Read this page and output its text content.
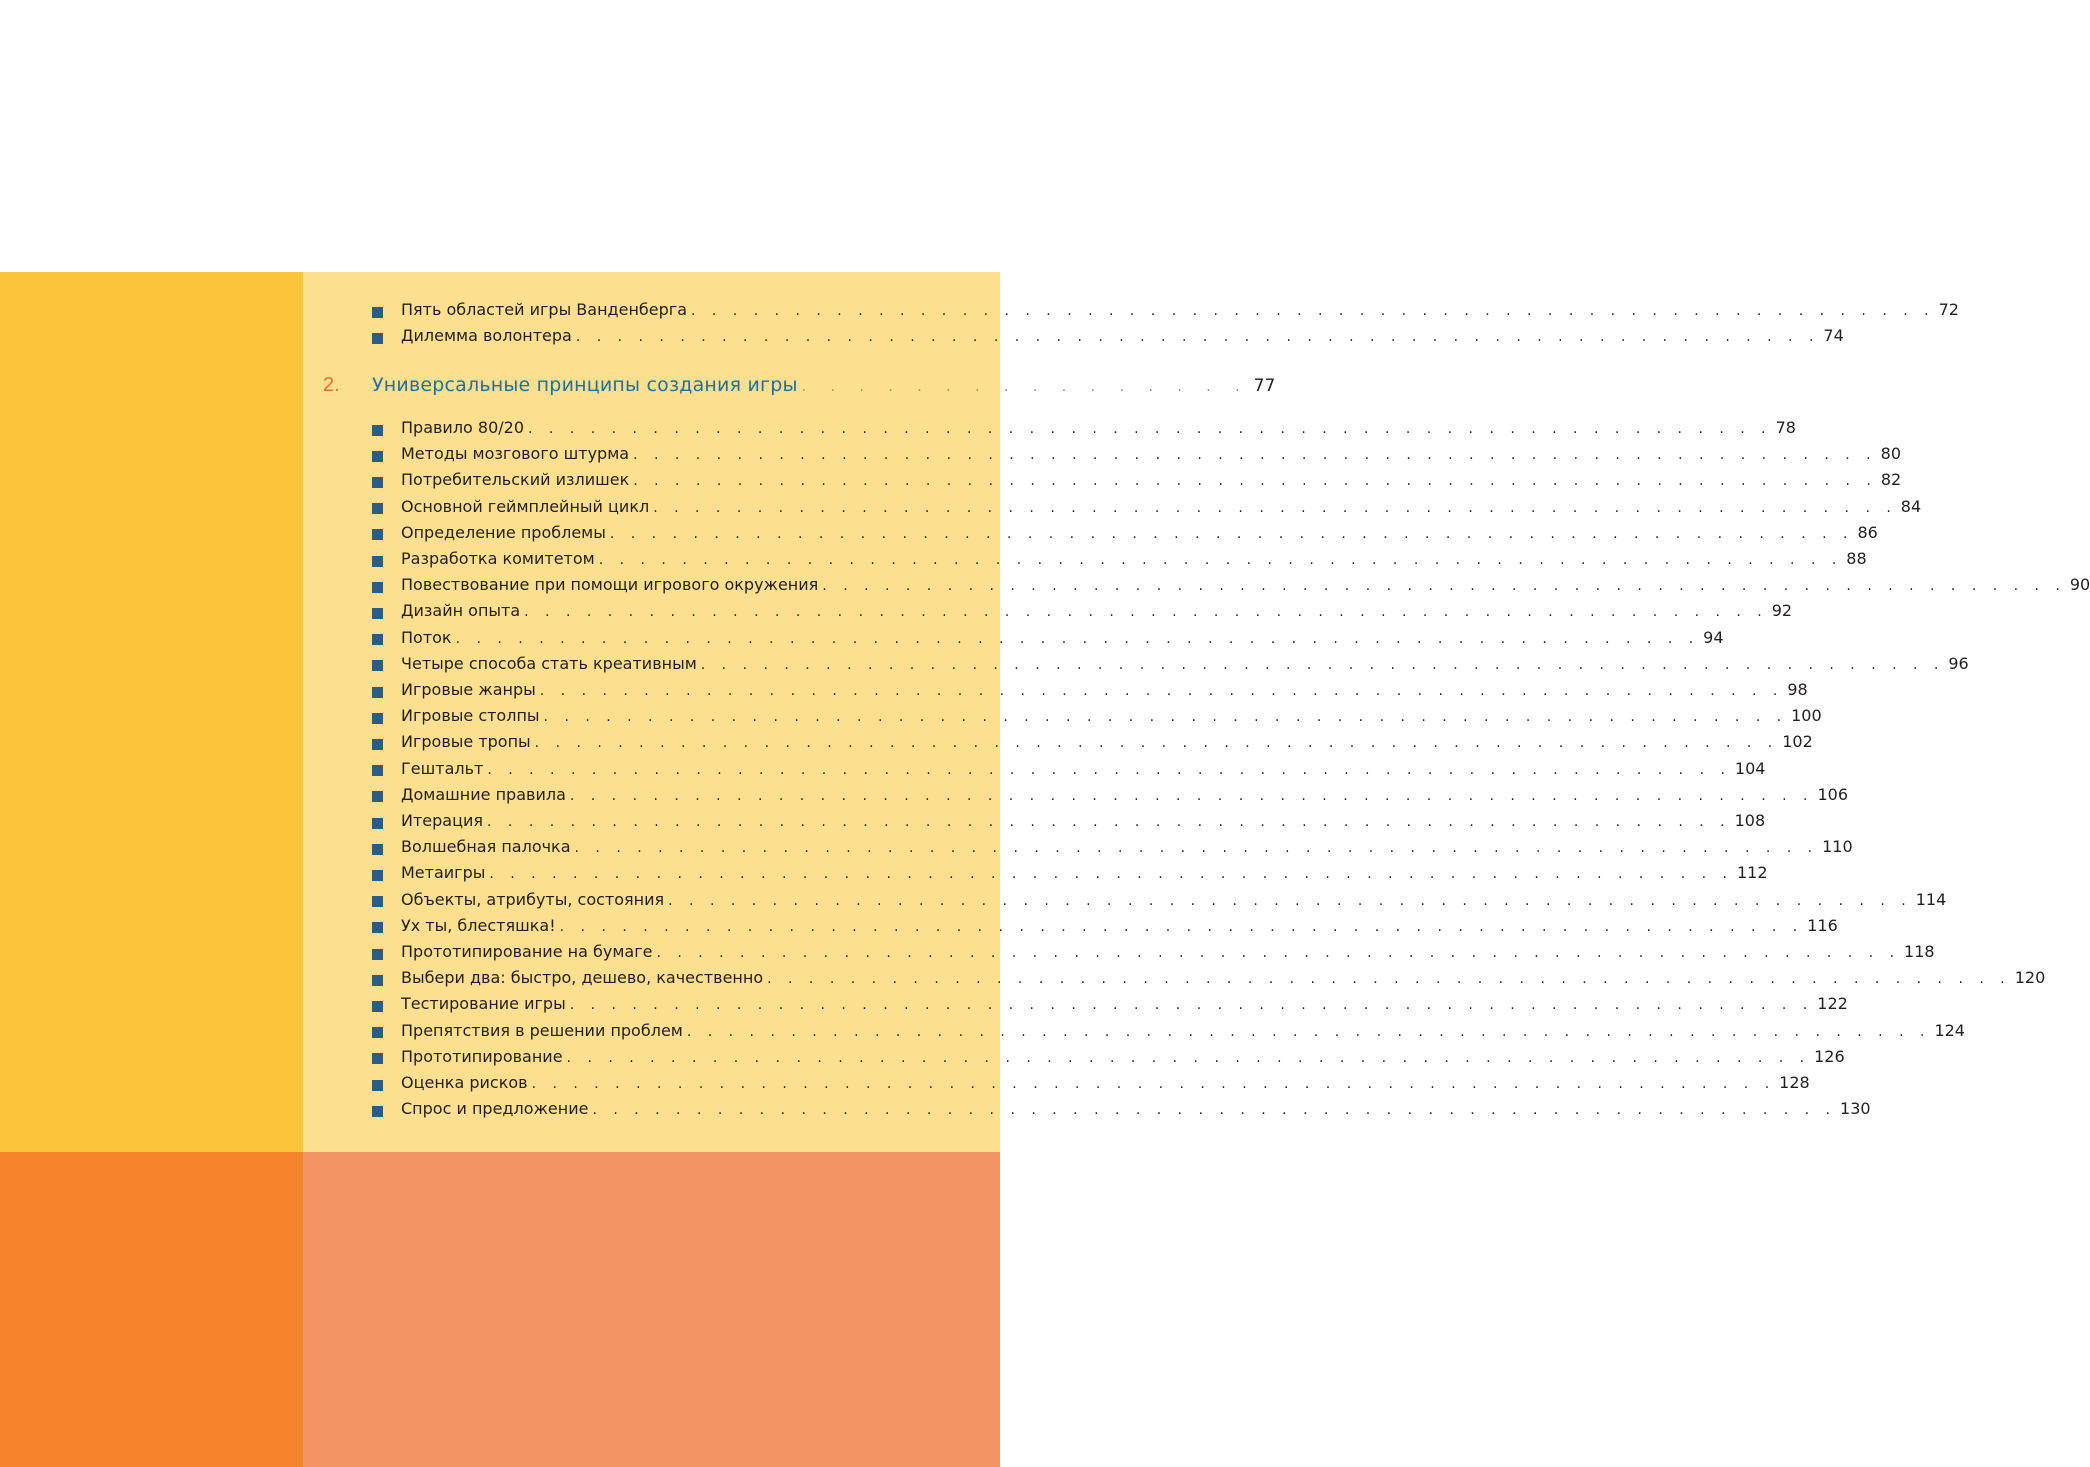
Пять областей игры Ванденберга . . . . . . . . . . . . . . . . . . . . . . . . . . . . . . . . . . . . . . . . . . . . . . . . . . . . . . . . . . . . 72
Дилемма волонтера . . . . . . . . . . . . . . . . . . . . . . . . . . . . . . . . . . . . . . . . . . . . . . . . . . . . . . . . . . . . 74
2.	Универсальные принципы создания игры . . . . . . . . . . . . . . . . 77
Правило 80/20 . . . . . . . . . . . . . . . . . . . . . . . . . . . . . . . . . . . . . . . . . . . . . . . . . . . . . . . . . . . . 78
Методы мозгового штурма . . . . . . . . . . . . . . . . . . . . . . . . . . . . . . . . . . . . . . . . . . . . . . . . . . . . . . . . . . . . 80
Потребительский излишек . . . . . . . . . . . . . . . . . . . . . . . . . . . . . . . . . . . . . . . . . . . . . . . . . . . . . . . . . . . . 82
Основной геймплейный цикл . . . . . . . . . . . . . . . . . . . . . . . . . . . . . . . . . . . . . . . . . . . . . . . . . . . . . . . . . . . . 84
Определение проблемы . . . . . . . . . . . . . . . . . . . . . . . . . . . . . . . . . . . . . . . . . . . . . . . . . . . . . . . . . . . . 86
Разработка комитетом . . . . . . . . . . . . . . . . . . . . . . . . . . . . . . . . . . . . . . . . . . . . . . . . . . . . . . . . . . . . 88
Повествование при помощи игрового окружения . . . . . . . . . . . . . . . . . . . . . . . . . . . . . . . . . . . . . . . . . . . . . . . . . . . . . . . . . . . . 90
Дизайн опыта . . . . . . . . . . . . . . . . . . . . . . . . . . . . . . . . . . . . . . . . . . . . . . . . . . . . . . . . . . . . 92
Поток . . . . . . . . . . . . . . . . . . . . . . . . . . . . . . . . . . . . . . . . . . . . . . . . . . . . . . . . . . . . 94
Четыре способа стать креативным . . . . . . . . . . . . . . . . . . . . . . . . . . . . . . . . . . . . . . . . . . . . . . . . . . . . . . . . . . . . 96
Игровые жанры . . . . . . . . . . . . . . . . . . . . . . . . . . . . . . . . . . . . . . . . . . . . . . . . . . . . . . . . . . . . 98
Игровые столпы . . . . . . . . . . . . . . . . . . . . . . . . . . . . . . . . . . . . . . . . . . . . . . . . . . . . . . . . . . . . 100
Игровые тропы . . . . . . . . . . . . . . . . . . . . . . . . . . . . . . . . . . . . . . . . . . . . . . . . . . . . . . . . . . . . 102
Гештальт . . . . . . . . . . . . . . . . . . . . . . . . . . . . . . . . . . . . . . . . . . . . . . . . . . . . . . . . . . . . 104
Домашние правила . . . . . . . . . . . . . . . . . . . . . . . . . . . . . . . . . . . . . . . . . . . . . . . . . . . . . . . . . . . . 106
Итерация . . . . . . . . . . . . . . . . . . . . . . . . . . . . . . . . . . . . . . . . . . . . . . . . . . . . . . . . . . . . 108
Волшебная палочка . . . . . . . . . . . . . . . . . . . . . . . . . . . . . . . . . . . . . . . . . . . . . . . . . . . . . . . . . . . . 110
Метаигры . . . . . . . . . . . . . . . . . . . . . . . . . . . . . . . . . . . . . . . . . . . . . . . . . . . . . . . . . . . . 112
Объекты, атрибуты, состояния . . . . . . . . . . . . . . . . . . . . . . . . . . . . . . . . . . . . . . . . . . . . . . . . . . . . . . . . . . . . 114
Ух ты, блестяшка! . . . . . . . . . . . . . . . . . . . . . . . . . . . . . . . . . . . . . . . . . . . . . . . . . . . . . . . . . . . . 116
Прототипирование на бумаге . . . . . . . . . . . . . . . . . . . . . . . . . . . . . . . . . . . . . . . . . . . . . . . . . . . . . . . . . . . . 118
Выбери два: быстро, дешево, качественно . . . . . . . . . . . . . . . . . . . . . . . . . . . . . . . . . . . . . . . . . . . . . . . . . . . . . . . . . . . . 120
Тестирование игры . . . . . . . . . . . . . . . . . . . . . . . . . . . . . . . . . . . . . . . . . . . . . . . . . . . . . . . . . . . . 122
Препятствия в решении проблем . . . . . . . . . . . . . . . . . . . . . . . . . . . . . . . . . . . . . . . . . . . . . . . . . . . . . . . . . . . . 124
Прототипирование . . . . . . . . . . . . . . . . . . . . . . . . . . . . . . . . . . . . . . . . . . . . . . . . . . . . . . . . . . . . 126
Оценка рисков . . . . . . . . . . . . . . . . . . . . . . . . . . . . . . . . . . . . . . . . . . . . . . . . . . . . . . . . . . . . 128
Спрос и предложение . . . . . . . . . . . . . . . . . . . . . . . . . . . . . . . . . . . . . . . . . . . . . . . . . . . . . . . . . . . . 130
